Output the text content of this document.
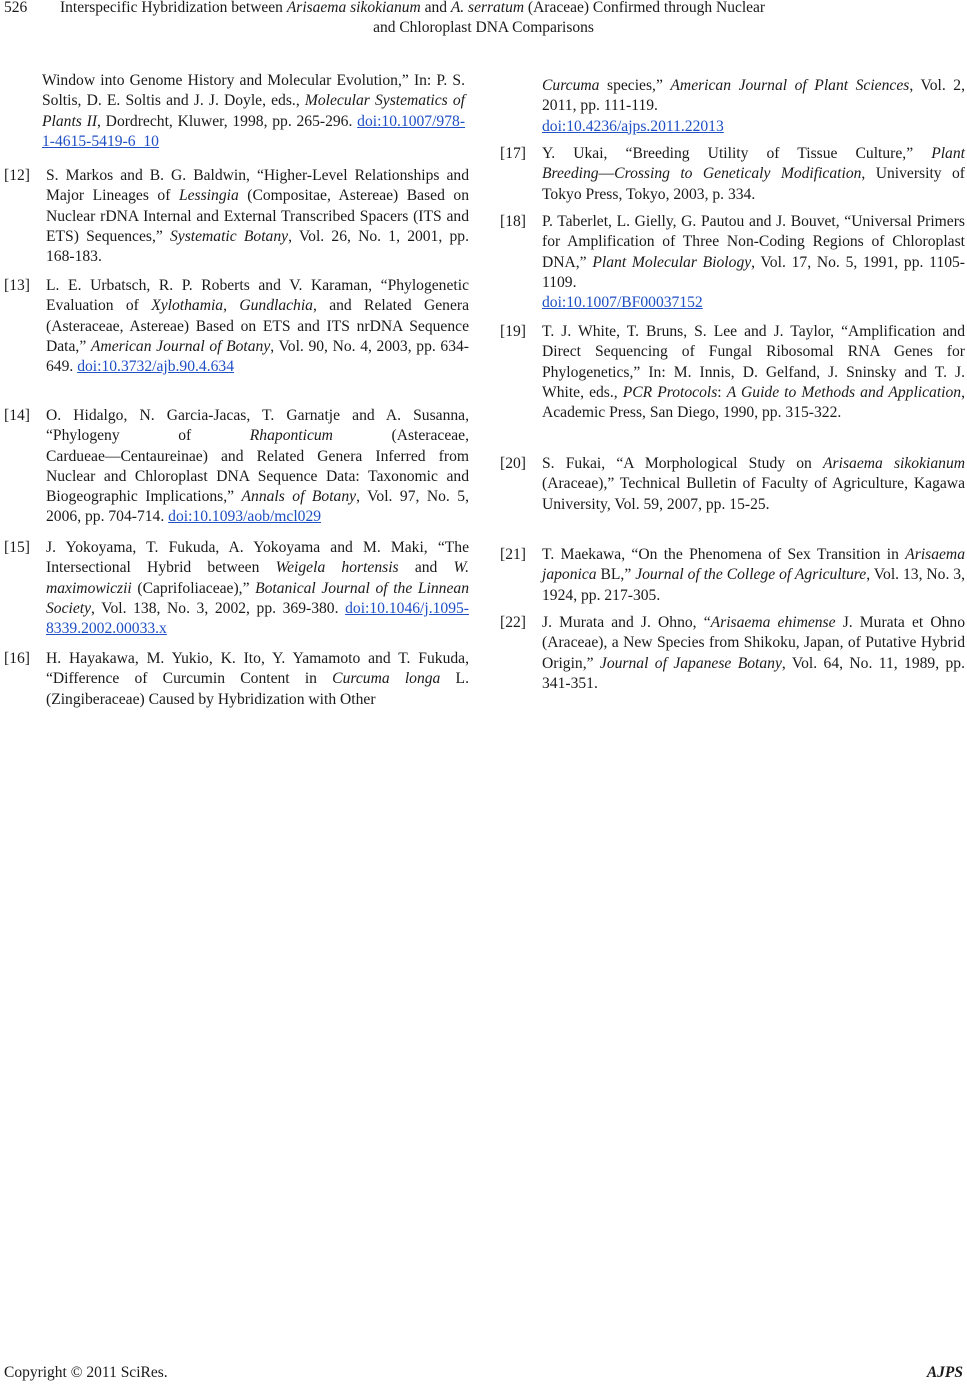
526 Interspecific Hybridization between Arisaema sikokianum and A. serratum (Araceae) Confirmed through Nuclear
and Chloroplast DNA Comparisons
Window into Genome History and Molecular Evolution,” In: P. S. Soltis, D. E. Soltis and J. J. Doyle, eds., Molecular Systematics of Plants II, Dordrecht, Kluwer, 1998, pp. 265-296. doi:10.1007/978-1-4615-5419-6_10
[12] S. Markos and B. G. Baldwin, “Higher-Level Relationships and Major Lineages of Lessingia (Compositae, Astereae) Based on Nuclear rDNA Internal and External Transcribed Spacers (ITS and ETS) Sequences,” Systematic Botany, Vol. 26, No. 1, 2001, pp. 168-183.
[13] L. E. Urbatsch, R. P. Roberts and V. Karaman, “Phylogenetic Evaluation of Xylothamia, Gundlachia, and Related Genera (Asteraceae, Astereae) Based on ETS and ITS nrDNA Sequence Data,” American Journal of Botany, Vol. 90, No. 4, 2003, pp. 634-649. doi:10.3732/ajb.90.4.634
[14] O. Hidalgo, N. Garcia-Jacas, T. Garnatje and A. Susanna, “Phylogeny of Rhaponticum (Asteraceae, Cardueae―Centaureinae) and Related Genera Inferred from Nuclear and Chloroplast DNA Sequence Data: Taxonomic and Biogeographic Implications,” Annals of Botany, Vol. 97, No. 5, 2006, pp. 704-714. doi:10.1093/aob/mcl029
[15] J. Yokoyama, T. Fukuda, A. Yokoyama and M. Maki, “The Intersectional Hybrid between Weigela hortensis and W. maximowiczii (Caprifoliaceae),” Botanical Journal of the Linnean Society, Vol. 138, No. 3, 2002, pp. 369-380. doi:10.1046/j.1095-8339.2002.00033.x
[16] H. Hayakawa, M. Yukio, K. Ito, Y. Yamamoto and T. Fukuda, “Difference of Curcumin Content in Curcuma longa L. (Zingiberaceae) Caused by Hybridization with Other
Curcuma species,” American Journal of Plant Sciences, Vol. 2, 2011, pp. 111-119.
doi:10.4236/ajps.2011.22013
[17] Y. Ukai, “Breeding Utility of Tissue Culture,” Plant Breeding―Crossing to Geneticaly Modification, University of Tokyo Press, Tokyo, 2003, p. 334.
[18] P. Taberlet, L. Gielly, G. Pautou and J. Bouvet, “Universal Primers for Amplification of Three Non-Coding Regions of Chloroplast DNA,” Plant Molecular Biology, Vol. 17, No. 5, 1991, pp. 1105-1109.
doi:10.1007/BF00037152
[19] T. J. White, T. Bruns, S. Lee and J. Taylor, “Amplification and Direct Sequencing of Fungal Ribosomal RNA Genes for Phylogenetics,” In: M. Innis, D. Gelfand, J. Sninsky and T. J. White, eds., PCR Protocols: A Guide to Methods and Application, Academic Press, San Diego, 1990, pp. 315-322.
[20] S. Fukai, “A Morphological Study on Arisaema sikokianum (Araceae),” Technical Bulletin of Faculty of Agriculture, Kagawa University, Vol. 59, 2007, pp. 15-25.
[21] T. Maekawa, “On the Phenomena of Sex Transition in Arisaema japonica BL,” Journal of the College of Agriculture, Vol. 13, No. 3, 1924, pp. 217-305.
[22] J. Murata and J. Ohno, “Arisaema ehimense J. Murata et Ohno (Araceae), a New Species from Shikoku, Japan, of Putative Hybrid Origin,” Journal of Japanese Botany, Vol. 64, No. 11, 1989, pp. 341-351.
Copyright © 2011 SciRes.	AJPS
